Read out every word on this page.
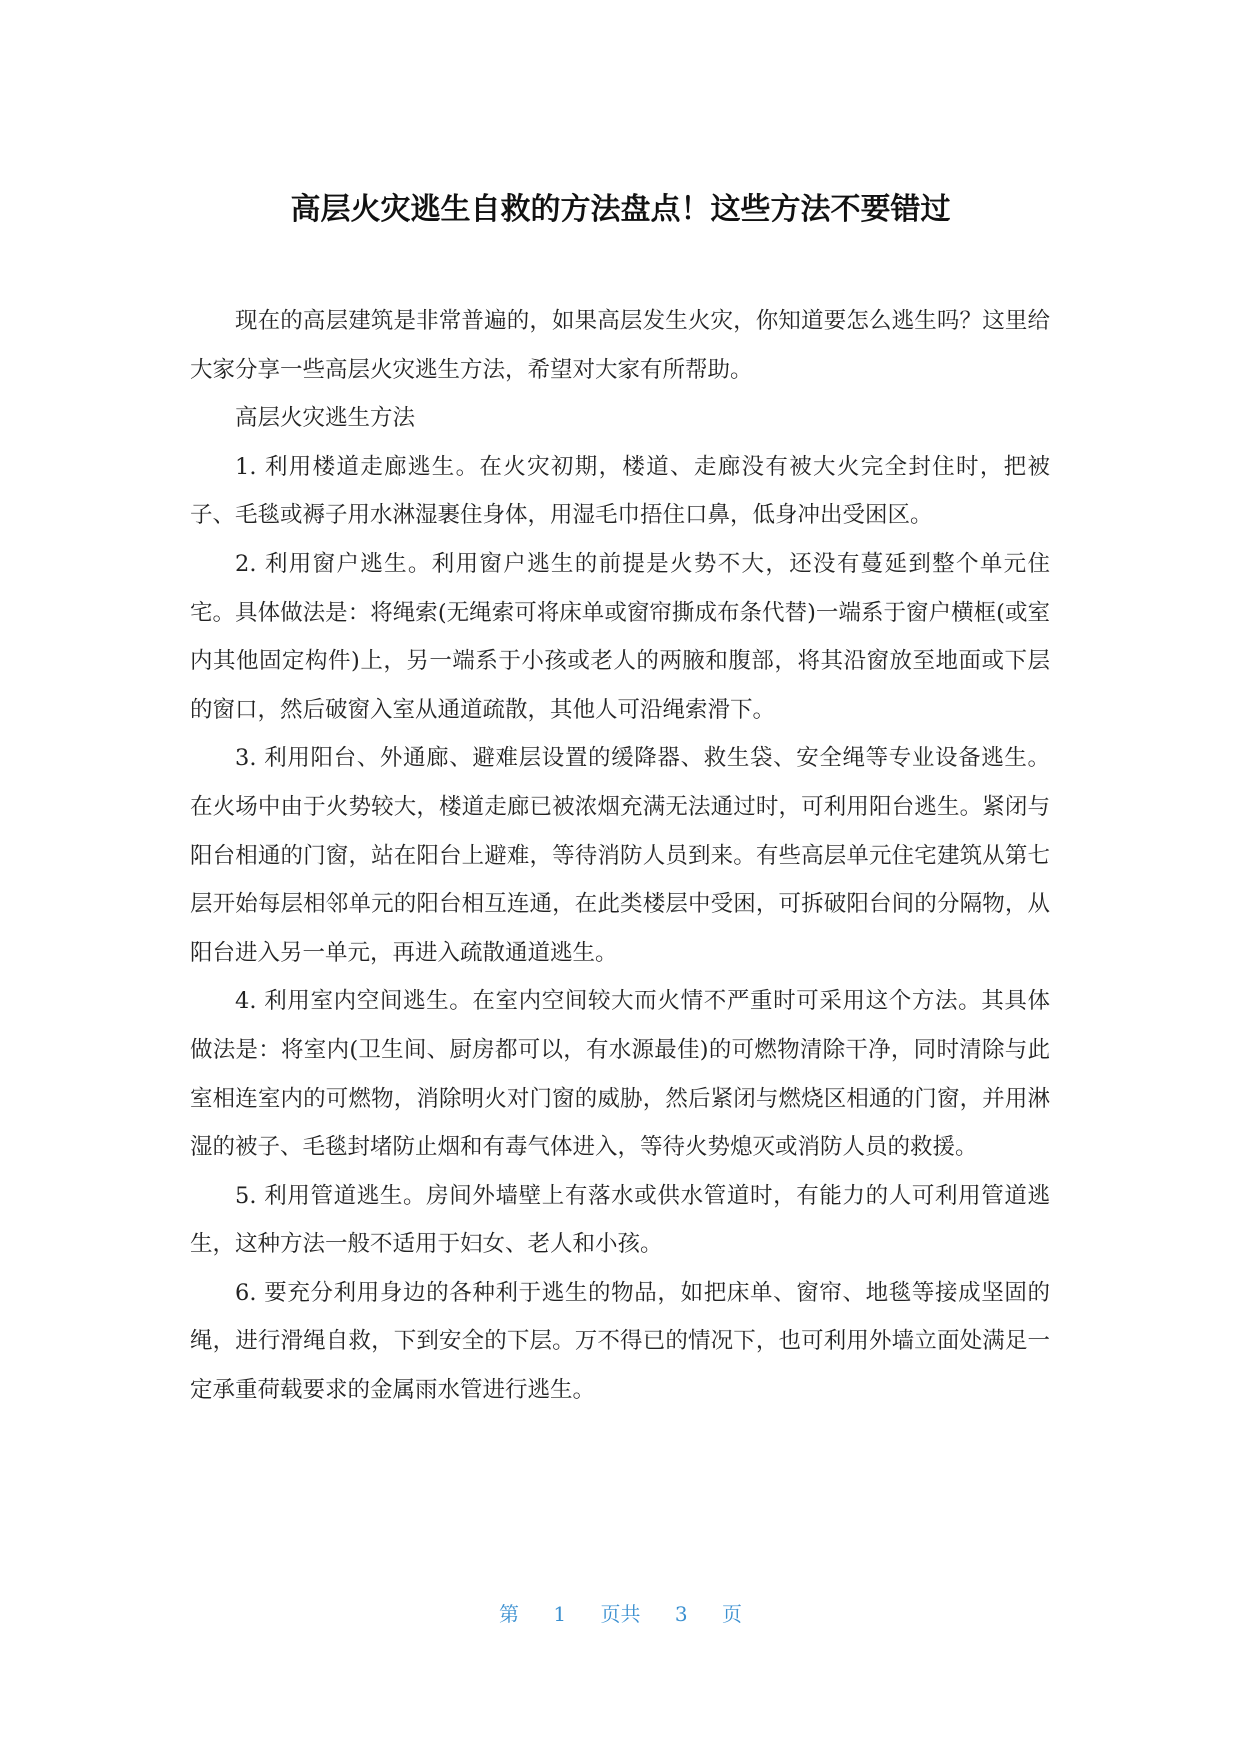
高层火灾逃生自救的方法盘点！这些方法不要错过

现在的高层建筑是非常普遍的，如果高层发生火灾，你知道要怎么逃生吗？这里给大家分享一些高层火灾逃生方法，希望对大家有所帮助。

高层火灾逃生方法

1. 利用楼道走廊逃生。在火灾初期，楼道、走廊没有被大火完全封住时，把被子、毛毯或褥子用水淋湿裹住身体，用湿毛巾捂住口鼻，低身冲出受困区。

2. 利用窗户逃生。利用窗户逃生的前提是火势不大，还没有蔓延到整个单元住宅。具体做法是：将绳索(无绳索可将床单或窗帘撕成布条代替)一端系于窗户横框(或室内其他固定构件)上，另一端系于小孩或老人的两腋和腹部，将其沿窗放至地面或下层的窗口，然后破窗入室从通道疏散，其他人可沿绳索滑下。

3. 利用阳台、外通廊、避难层设置的缓降器、救生袋、安全绳等专业设备逃生。在火场中由于火势较大，楼道走廊已被浓烟充满无法通过时，可利用阳台逃生。紧闭与阳台相通的门窗，站在阳台上避难，等待消防人员到来。有些高层单元住宅建筑从第七层开始每层相邻单元的阳台相互连通，在此类楼层中受困，可拆破阳台间的分隔物，从阳台进入另一单元，再进入疏散通道逃生。

4. 利用室内空间逃生。在室内空间较大而火情不严重时可采用这个方法。其具体做法是：将室内(卫生间、厨房都可以，有水源最佳)的可燃物清除干净，同时清除与此室相连室内的可燃物，消除明火对门窗的威胁，然后紧闭与燃烧区相通的门窗，并用淋湿的被子、毛毯封堵防止烟和有毒气体进入，等待火势熄灭或消防人员的救援。

5. 利用管道逃生。房间外墙壁上有落水或供水管道时，有能力的人可利用管道逃生，这种方法一般不适用于妇女、老人和小孩。

6. 要充分利用身边的各种利于逃生的物品，如把床单、窗帘、地毯等接成坚固的绳，进行滑绳自救，下到安全的下层。万不得已的情况下，也可利用外墙立面处满足一定承重荷载要求的金属雨水管进行逃生。

第 1 页共 3 页
